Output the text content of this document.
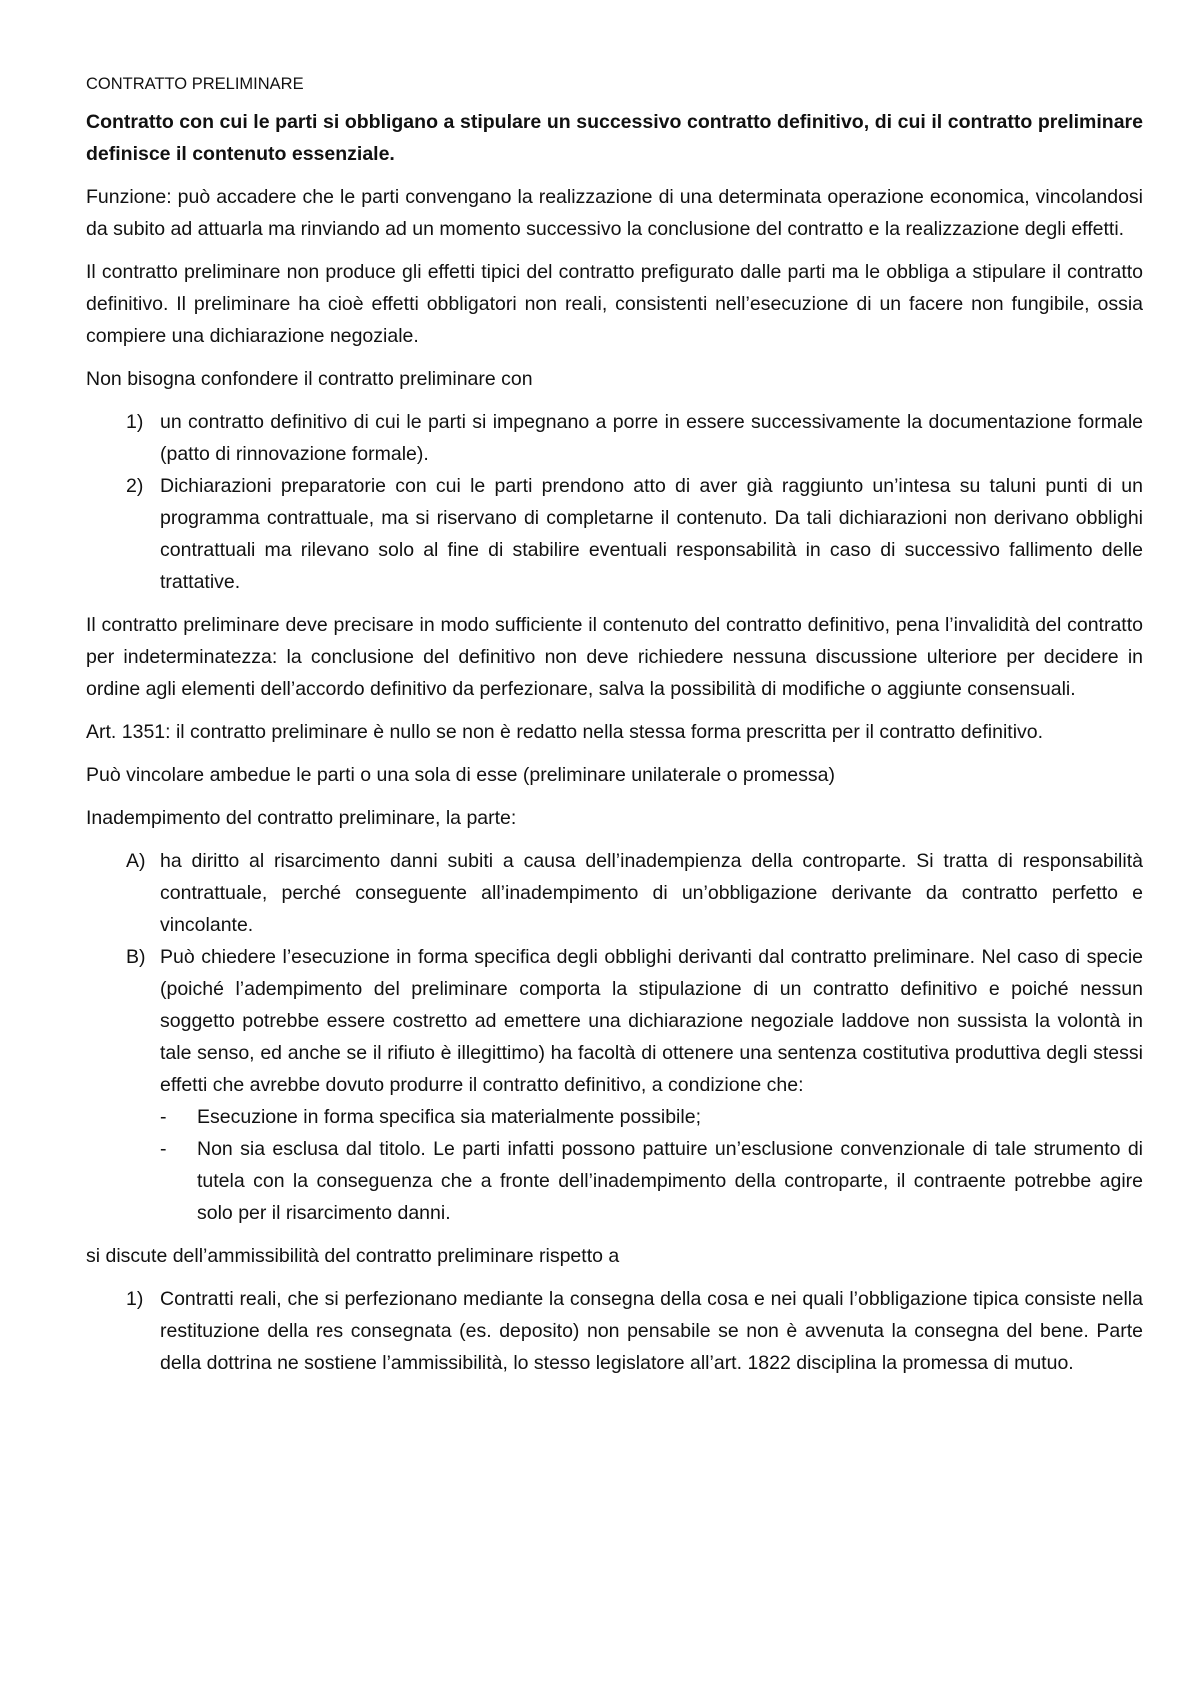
CONTRATTO PRELIMINARE

Contratto con cui le parti si obbligano a stipulare un successivo contratto definitivo, di cui il contratto preliminare definisce il contenuto essenziale.

Funzione: può accadere che le parti convengano la realizzazione di una determinata operazione economica, vincolandosi da subito ad attuarla ma rinviando ad un momento successivo la conclusione del contratto e la realizzazione degli effetti.

Il contratto preliminare non produce gli effetti tipici del contratto prefigurato dalle parti ma le obbliga a stipulare il contratto definitivo. Il preliminare ha cioè effetti obbligatori non reali, consistenti nell’esecuzione di un facere non fungibile, ossia compiere una dichiarazione negoziale.

Non bisogna confondere il contratto preliminare con

1) un contratto definitivo di cui le parti si impegnano a porre in essere successivamente la documentazione formale (patto di rinnovazione formale).
2) Dichiarazioni preparatorie con cui le parti prendono atto di aver già raggiunto un’intesa su taluni punti di un programma contrattuale, ma si riservano di completarne il contenuto. Da tali dichiarazioni non derivano obblighi contrattuali ma rilevano solo al fine di stabilire eventuali responsabilità in caso di successivo fallimento delle trattative.

Il contratto preliminare deve precisare in modo sufficiente il contenuto del contratto definitivo, pena l’invalidità del contratto per indeterminatezza: la conclusione del definitivo non deve richiedere nessuna discussione ulteriore per decidere in ordine agli elementi dell’accordo definitivo da perfezionare, salva la possibilità di modifiche o aggiunte consensuali.

Art. 1351: il contratto preliminare è nullo se non è redatto nella stessa forma prescritta per il contratto definitivo.

Può vincolare ambedue le parti o una sola di esse (preliminare unilaterale o promessa)

Inadempimento del contratto preliminare, la parte:

A) ha diritto al risarcimento danni subiti a causa dell’inadempienza della controparte. Si tratta di responsabilità contrattuale, perché conseguente all’inadempimento di un’obbligazione derivante da contratto perfetto e vincolante.
B) Può chiedere l’esecuzione in forma specifica degli obblighi derivanti dal contratto preliminare. Nel caso di specie (poiché l’adempimento del preliminare comporta la stipulazione di un contratto definitivo e poiché nessun soggetto potrebbe essere costretto ad emettere una dichiarazione negoziale laddove non sussista la volontà in tale senso, ed anche se il rifiuto è illegittimo) ha facoltà di ottenere una sentenza costitutiva produttiva degli stessi effetti che avrebbe dovuto produrre il contratto definitivo, a condizione che:
- Esecuzione in forma specifica sia materialmente possibile;
- Non sia esclusa dal titolo. Le parti infatti possono pattuire un’esclusione convenzionale di tale strumento di tutela con la conseguenza che a fronte dell’inadempimento della controparte, il contraente potrebbe agire solo per il risarcimento danni.

si discute dell’ammissibilità del contratto preliminare rispetto a

1) Contratti reali, che si perfezionano mediante la consegna della cosa e nei quali l’obbligazione tipica consiste nella restituzione della res consegnata (es. deposito) non pensabile se non è avvenuta la consegna del bene. Parte della dottrina ne sostiene l’ammissibilità, lo stesso legislatore all’art. 1822 disciplina la promessa di mutuo.
